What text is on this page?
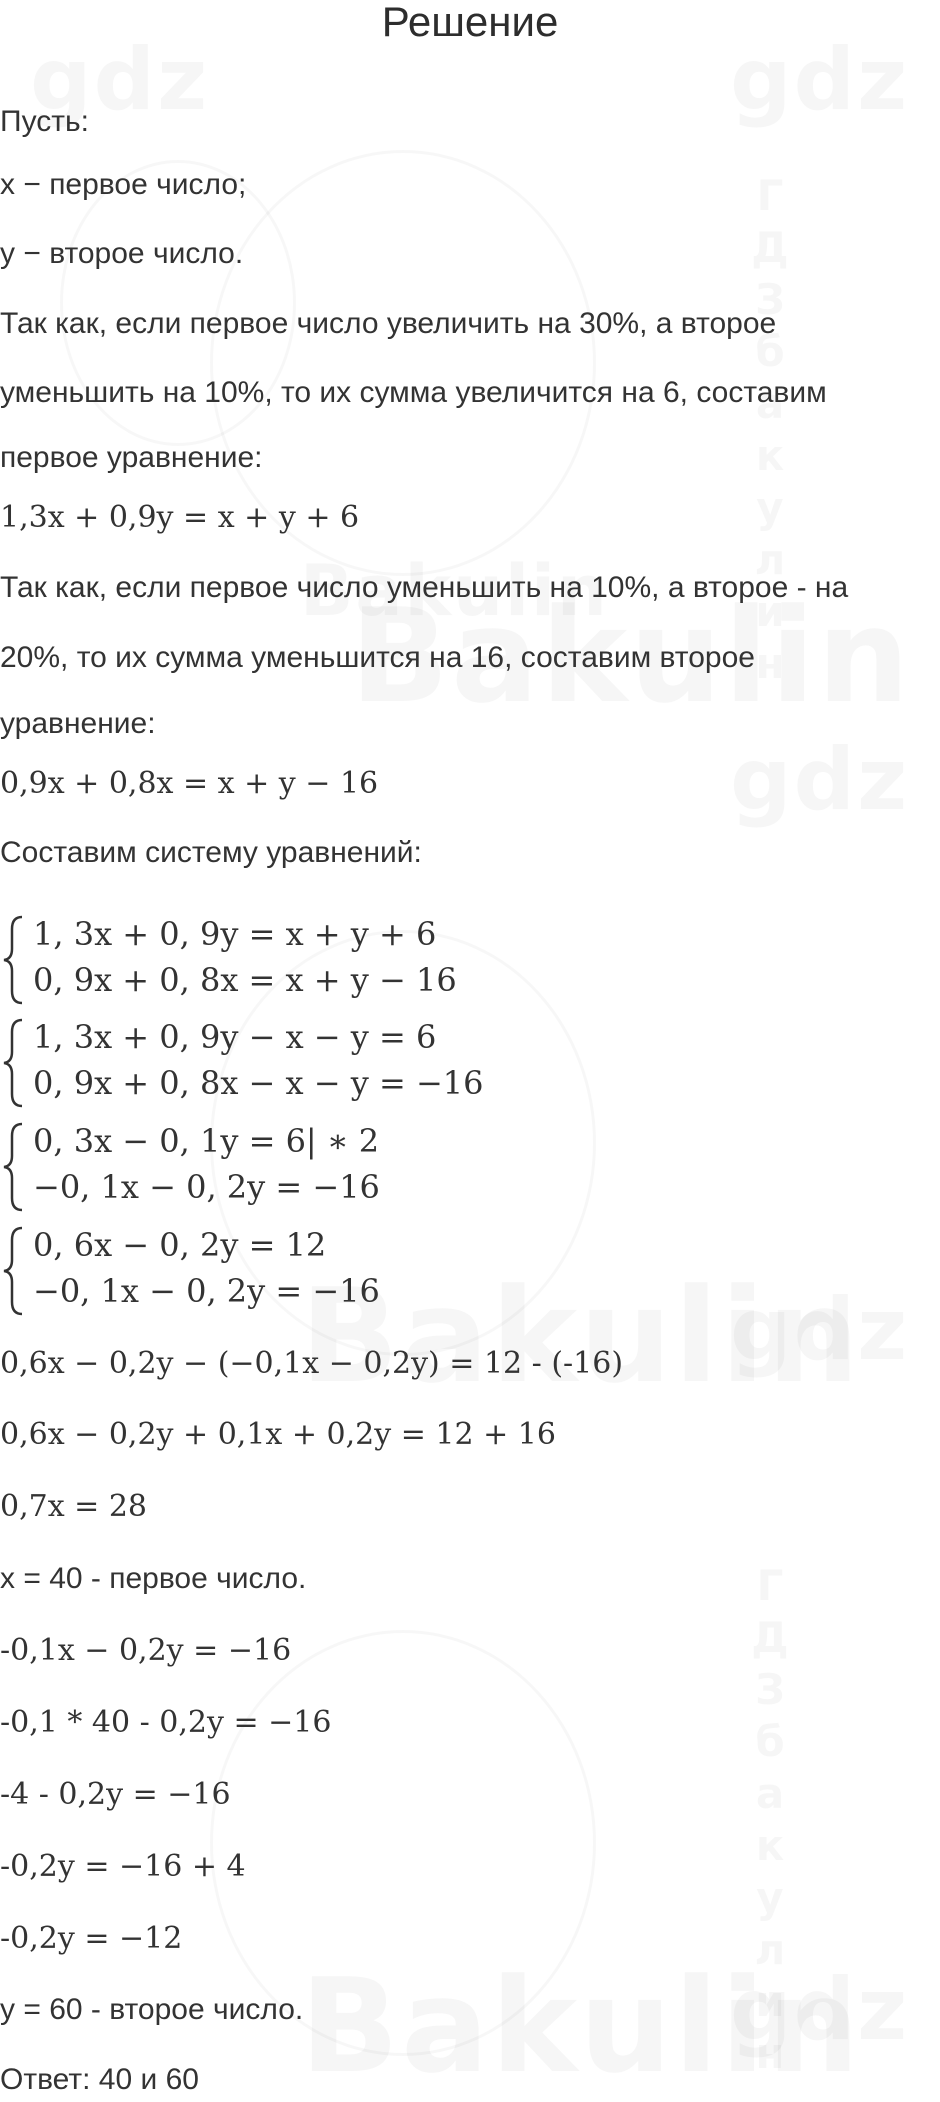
Решение
Пусть:
x − первое число;
y − второе число.
Так как, если первое число увеличить на 30%, а второе
уменьшить на 10%, то их сумма увеличится на 6, составим
первое уравнение:
1,3x + 0,9y = x + y + 6
Так как, если первое число уменьшить на 10%, а второе - на
20%, то их сумма уменьшится на 16, составим второе
уравнение:
0,9x + 0,8x = x + y − 16
Составим систему уравнений:
1, 3x + 0, 9y = x + y + 6
0, 9x + 0, 8x = x + y − 16
1, 3x + 0, 9y − x − y = 6
0, 9x + 0, 8x − x − y = −16
0, 3x − 0, 1y = 6| ∗ 2
−0, 1x − 0, 2y = −16
0, 6x − 0, 2y = 12
−0, 1x − 0, 2y = −16
0,6x − 0,2y − (−0,1x − 0,2y) = 12 - (-16)
0,6x − 0,2y + 0,1x + 0,2y = 12 + 16
0,7x = 28
x = 40 - первое число.
-0,1x − 0,2y = −16
-0,1 * 40 - 0,2y = −16
-4 - 0,2y = −16
-0,2y = −16 + 4
-0,2y = −12
y = 60 - второе число.
Ответ: 40 и 60
